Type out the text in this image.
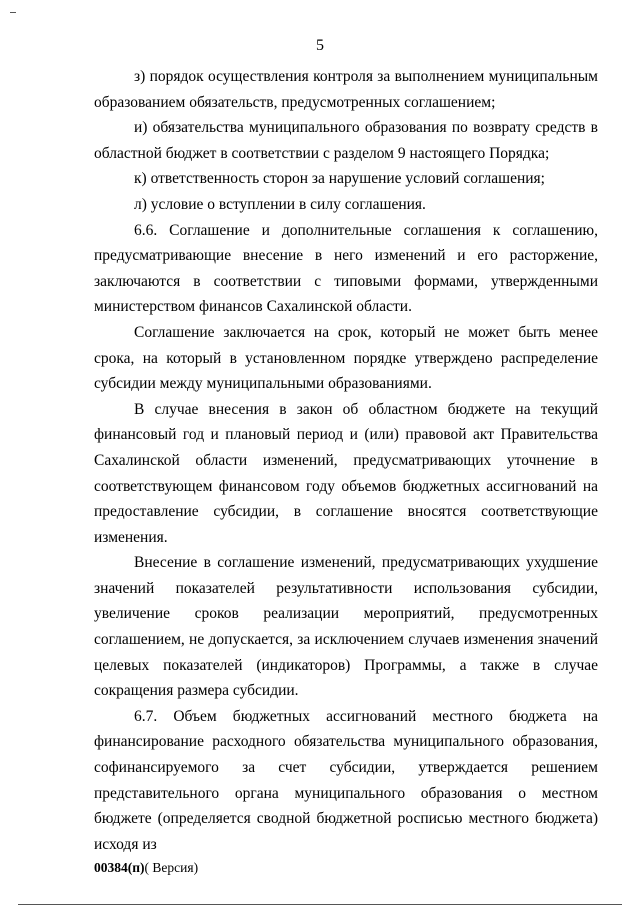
5

з) порядок осуществления контроля за выполнением муниципальным образованием обязательств, предусмотренных соглашением;

и) обязательства муниципального образования по возврату средств в областной бюджет в соответствии с разделом 9 настоящего Порядка;

к) ответственность сторон за нарушение условий соглашения;

л) условие о вступлении в силу соглашения.

6.6. Соглашение и дополнительные соглашения к соглашению, предусматривающие внесение в него изменений и его расторжение, заключаются в соответствии с типовыми формами, утвержденными министерством финансов Сахалинской области.

Соглашение заключается на срок, который не может быть менее срока, на который в установленном порядке утверждено распределение субсидии между муниципальными образованиями.

В случае внесения в закон об областном бюджете на текущий финансовый год и плановый период и (или) правовой акт Правительства Сахалинской области изменений, предусматривающих уточнение в соответствующем финансовом году объемов бюджетных ассигнований на предоставление субсидии, в соглашение вносятся соответствующие изменения.

Внесение в соглашение изменений, предусматривающих ухудшение значений показателей результативности использования субсидии, увеличение сроков реализации мероприятий, предусмотренных соглашением, не допускается, за исключением случаев изменения значений целевых показателей (индикаторов) Программы, а также в случае сокращения размера субсидии.

6.7. Объем бюджетных ассигнований местного бюджета на финансирование расходного обязательства муниципального образования, софинансируемого за счет субсидии, утверждается решением представительного органа муниципального образования о местном бюджете (определяется сводной бюджетной росписью местного бюджета) исходя из

00384(п)( Версия)
